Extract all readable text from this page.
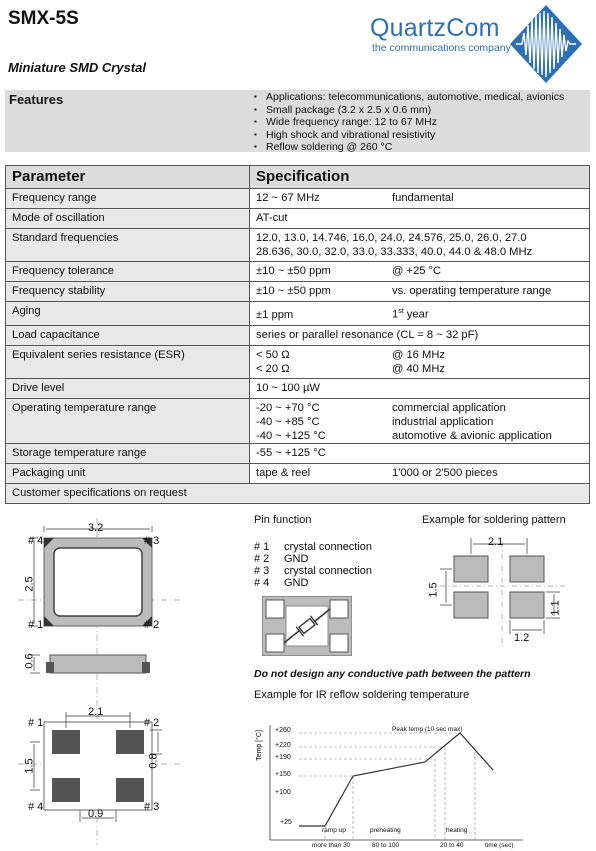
SMX-5S
Miniature SMD Crystal
QuartzCom
the communications company
Features	▪ Applications: telecommunications, automotive, medical, avionics
▪ Small package (3.2 x 2.5 x 0.6 mm)
▪ Wide frequency range: 12 to 67 MHz
▪ High shock and vibrational resistivity
▪ Reflow soldering @ 260 °C
Parameter	Specification
Frequency range	12 ~ 67 MHz fundamental
Mode of oscillation	AT-cut

Standard frequencies	12.0, 13.0, 14.746, 16.0, 24.0, 24.576, 25.0, 26.0, 27.0
28.636, 30.0, 32.0, 33.0, 33.333, 40.0, 44.0 & 48.0 MHz

Frequency tolerance	±10 ~ ±50 ppm @ +25 °C
Frequency stability	±10 ~ ±50 ppm vs. operating temperature range
Aging	±1 ppm 1st year
Load capacitance	series or parallel resonance (CL = 8 ~ 32 pF)

Equivalent series resistance (ESR)	< 50 Ω @ 16 MHz
< 20 Ω @ 40 MHz

Drive level	10 ~ 100 µW

Operating temperature range	-20 ~ +70 °C commercial application
-40 ~ +85 °C industrial application
-40 ~ +125 °C automotive & avionic application

Storage temperature range	-55 ~ +125 °C
Packaging unit	tape & reel 1'000 or 2'500 pieces
Customer specifications on request	
3.2
2.5
# 4	# 3
# 1	# 2
0.6
2.1
# 1	# 2
1.5	0.8
# 4	# 3
0.9
Pin function
# 1 crystal connection
# 2 GND
# 3 crystal connection
# 4 GND
Example for soldering pattern
2.1
1.5
1.1
1.2
Do not design any conductive path between the pattern
Example for IR reflow soldering temperature
Temp [°C] +260
+220
+190
+150
+100
+25
Peak temp (10 sec max)
ramp up	preheating	heating
more than 30	60 to 100	20 to 40	time (sec)
